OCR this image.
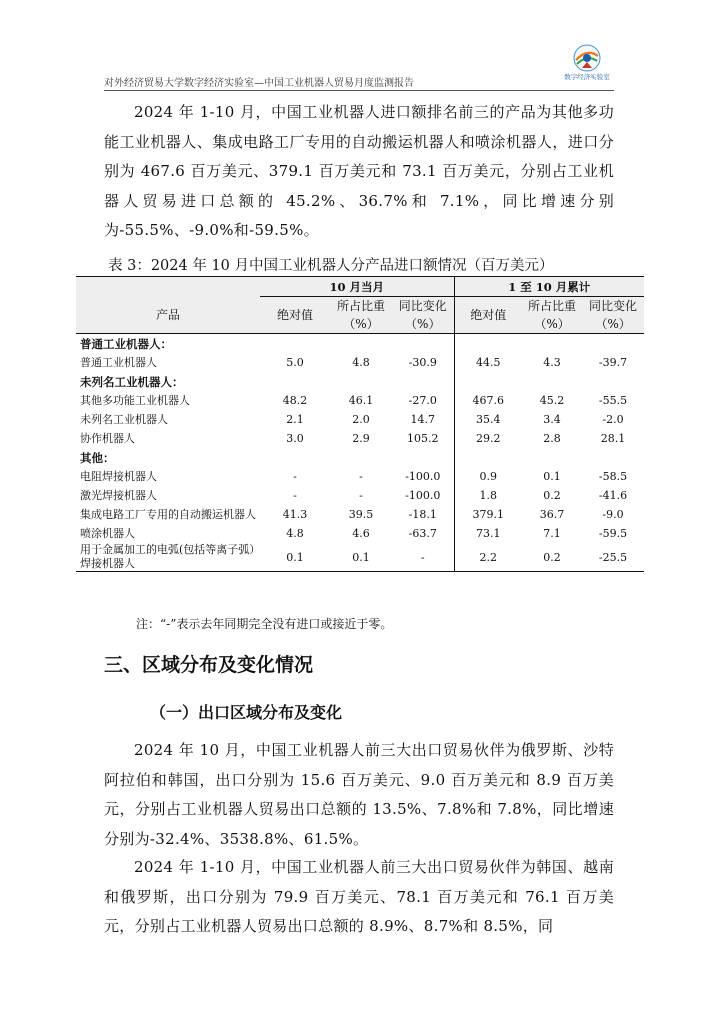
对外经济贸易大学数字经济实验室—中国工业机器人贸易月度监测报告
数字经济实验室

2024 年 1-10 月，中国工业机器人进口额排名前三的产品为其他多功能工业机器人、集成电路工厂专用的自动搬运机器人和喷涂机器人，进口分别为 467.6 百万美元、379.1 百万美元和 73.1 百万美元，分别占工业机器人贸易进口总额的 45.2%、36.7%和 7.1%，同比增速分别为-55.5%、-9.0%和-59.5%。

表 3：2024 年 10 月中国工业机器人分产品进口额情况（百万美元）
	10 月当月			1 至 10 月累计		
产品	绝对值	所占比重（%）	同比变化（%）	绝对值	所占比重（%）	同比变化（%）
普通工业机器人：						
普通工业机器人	5.0	4.8	-30.9	44.5	4.3	-39.7
未列名工业机器人：						
其他多功能工业机器人	48.2	46.1	-27.0	467.6	45.2	-55.5
未列名工业机器人	2.1	2.0	14.7	35.4	3.4	-2.0
协作机器人	3.0	2.9	105.2	29.2	2.8	28.1
其他：						
电阻焊接机器人	-	-	-100.0	0.9	0.1	-58.5
激光焊接机器人	-	-	-100.0	1.8	0.2	-41.6
集成电路工厂专用的自动搬运机器人	41.3	39.5	-18.1	379.1	36.7	-9.0
喷涂机器人	4.8	4.6	-63.7	73.1	7.1	-59.5
用于金属加工的电弧(包括等离子弧）焊接机器人	0.1	0.1	-	2.2	0.2	-25.5
注：“-”表示去年同期完全没有进口或接近于零。
三、区域分布及变化情况
（一）出口区域分布及变化

2024 年 10 月，中国工业机器人前三大出口贸易伙伴为俄罗斯、沙特阿拉伯和韩国，出口分别为 15.6 百万美元、9.0 百万美元和 8.9 百万美元，分别占工业机器人贸易出口总额的 13.5%、7.8%和 7.8%，同比增速分别为-32.4%、3538.8%、61.5%。

2024 年 1-10 月，中国工业机器人前三大出口贸易伙伴为韩国、越南和俄罗斯，出口分别为 79.9 百万美元、78.1 百万美元和 76.1 百万美元，分别占工业机器人贸易出口总额的 8.9%、8.7%和 8.5%，同
